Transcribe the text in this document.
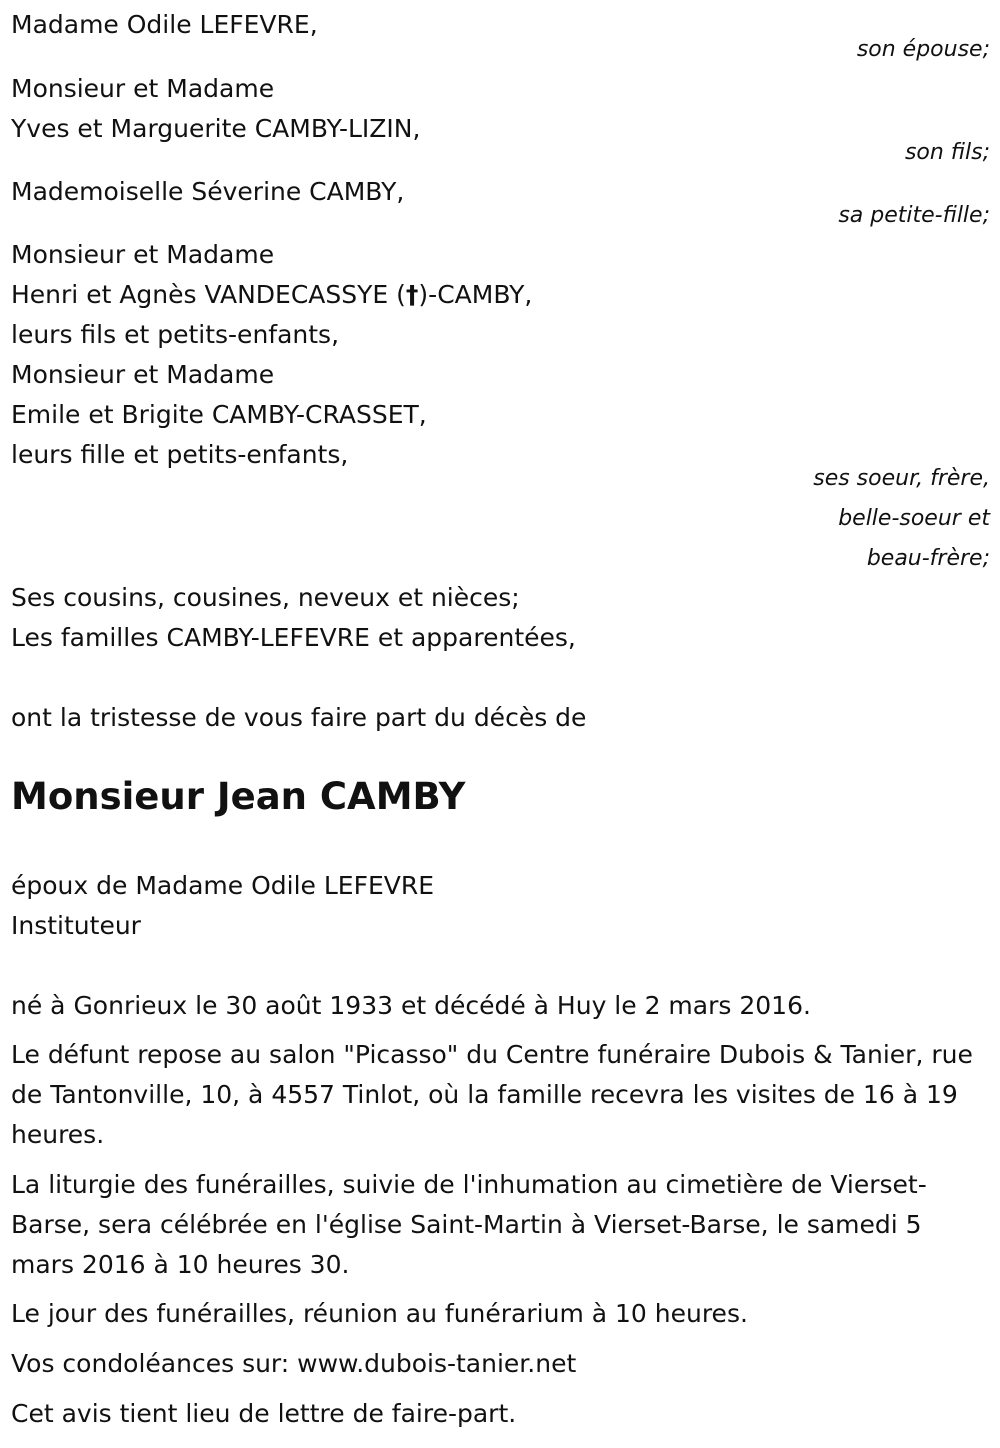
Madame Odile LEFEVRE,
son épouse;
Monsieur et Madame
Yves et Marguerite CAMBY-LIZIN,
son fils;
Mademoiselle Séverine CAMBY,
sa petite-fille;
Monsieur et Madame
Henri et Agnès VANDECASSYE (†)-CAMBY,
leurs fils et petits-enfants,
Monsieur et Madame
Emile et Brigite CAMBY-CRASSET,
leurs fille et petits-enfants,
ses soeur, frère,
belle-soeur et
beau-frère;
Ses cousins, cousines, neveux et nièces;
Les familles CAMBY-LEFEVRE et apparentées,
ont la tristesse de vous faire part du décès de
Monsieur Jean CAMBY
époux de Madame Odile LEFEVRE
Instituteur
né à Gonrieux le 30 août 1933 et décédé à Huy le 2 mars 2016.
Le défunt repose au salon "Picasso" du Centre funéraire Dubois & Tanier, rue de Tantonville, 10, à 4557 Tinlot, où la famille recevra les visites de 16 à 19 heures.
La liturgie des funérailles, suivie de l'inhumation au cimetière de Vierset-Barse, sera célébrée en l'église Saint-Martin à Vierset-Barse, le samedi 5 mars 2016 à 10 heures 30.
Le jour des funérailles, réunion au funérarium à 10 heures.
Vos condoléances sur: www.dubois-tanier.net
Cet avis tient lieu de lettre de faire-part.
